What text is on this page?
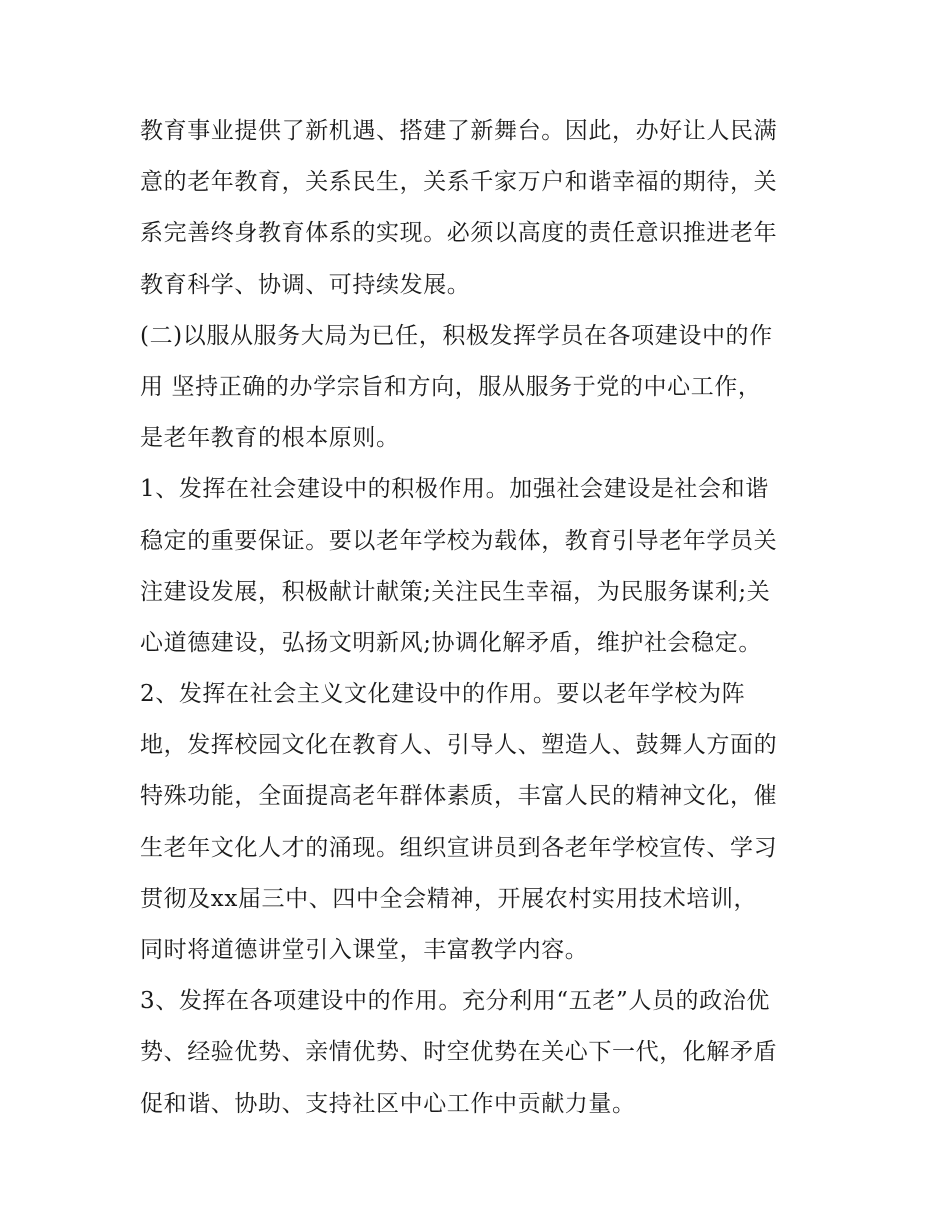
教育事业提供了新机遇、搭建了新舞台。因此，办好让人民满
意的老年教育，关系民生，关系千家万户和谐幸福的期待，关
系完善终身教育体系的实现。必须以高度的责任意识推进老年
教育科学、协调、可持续发展。
(二)以服从服务大局为已任，积极发挥学员在各项建设中的作
用 坚持正确的办学宗旨和方向，服从服务于党的中心工作，
是老年教育的根本原则。
1、发挥在社会建设中的积极作用。加强社会建设是社会和谐
稳定的重要保证。要以老年学校为载体，教育引导老年学员关
注建设发展，积极献计献策;关注民生幸福，为民服务谋利;关
心道德建设，弘扬文明新风;协调化解矛盾，维护社会稳定。
2、发挥在社会主义文化建设中的作用。要以老年学校为阵
地，发挥校园文化在教育人、引导人、塑造人、鼓舞人方面的
特殊功能，全面提高老年群体素质，丰富人民的精神文化，催
生老年文化人才的涌现。组织宣讲员到各老年学校宣传、学习
贯彻及xx届三中、四中全会精神，开展农村实用技术培训，
同时将道德讲堂引入课堂，丰富教学内容。
3、发挥在各项建设中的作用。充分利用“五老”人员的政治优
势、经验优势、亲情优势、时空优势在关心下一代，化解矛盾
促和谐、协助、支持社区中心工作中贡献力量。
